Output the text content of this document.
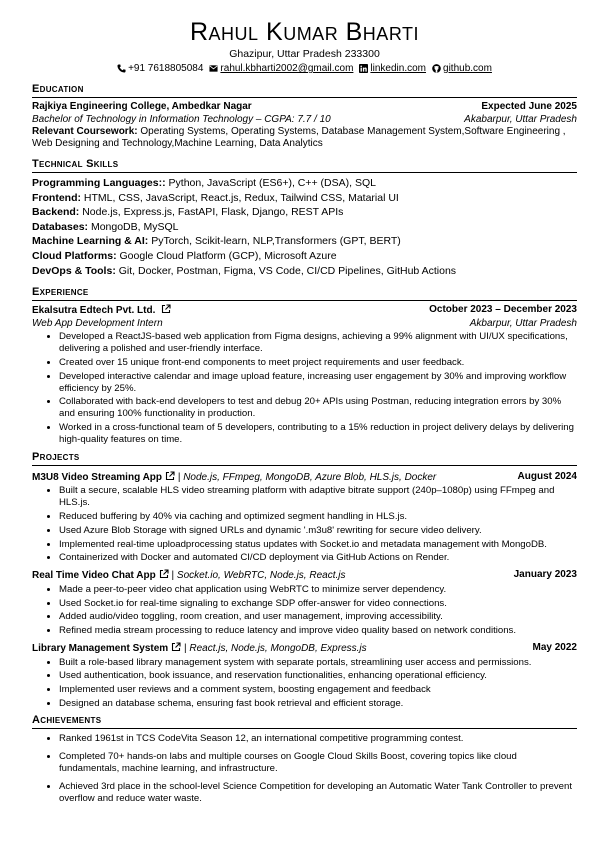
Rahul Kumar Bharti
Ghazipur, Uttar Pradesh 233300
+91 7618805084 rahul.kbharti2002@gmail.com linkedin.com github.com
Education
Rajkiya Engineering College, Ambedkar Nagar	Expected June 2025
Bachelor of Technology in Information Technology – CGPA: 7.7 / 10	Akabarpur, Uttar Pradesh
Relevant Coursework: Operating Systems, Operating Systems, Database Management System,Software Engineering , Web Designing and Technology,Machine Learning, Data Analytics
Technical Skills
Programming Languages:: Python, JavaScript (ES6+), C++ (DSA), SQL
Frontend: HTML, CSS, JavaScript, React.js, Redux, Tailwind CSS, Matarial UI
Backend: Node.js, Express.js, FastAPI, Flask, Django, REST APIs
Databases: MongoDB, MySQL
Machine Learning & AI: PyTorch, Scikit-learn, NLP,Transformers (GPT, BERT)
Cloud Platforms: Google Cloud Platform (GCP), Microsoft Azure
DevOps & Tools: Git, Docker, Postman, Figma, VS Code, CI/CD Pipelines, GitHub Actions
Experience
Ekalsutra Edtech Pvt. Ltd.	October 2023 – December 2023
Web App Development Intern	Akbarpur, Uttar Pradesh
• Developed a ReactJS-based web application from Figma designs, achieving a 99% alignment with UI/UX specifications, delivering a polished and user-friendly interface.
• Created over 15 unique front-end components to meet project requirements and user feedback.
• Developed interactive calendar and image upload feature, increasing user engagement by 30% and improving workflow efficiency by 25%.
• Collaborated with back-end developers to test and debug 20+ APIs using Postman, reducing integration errors by 30% and ensuring 100% functionality in production.
• Worked in a cross-functional team of 5 developers, contributing to a 15% reduction in project delivery delays by delivering high-quality features on time.
Projects
M3U8 Video Streaming App | Node.js, FFmpeg, MongoDB, Azure Blob, HLS.js, Docker	August 2024
• Built a secure, scalable HLS video streaming platform with adaptive bitrate support (240p–1080p) using FFmpeg and HLS.js.
• Reduced buffering by 40% via caching and optimized segment handling in HLS.js.
• Used Azure Blob Storage with signed URLs and dynamic '.m3u8' rewriting for secure video delivery.
• Implemented real-time uploadprocessing status updates with Socket.io and metadata management with MongoDB.
• Containerized with Docker and automated CI/CD deployment via GitHub Actions on Render.
Real Time Video Chat App | Socket.io, WebRTC, Node.js, React.js	January 2023
• Made a peer-to-peer video chat application using WebRTC to minimize server dependency.
• Used Socket.io for real-time signaling to exchange SDP offer-answer for video connections.
• Added audio/video toggling, room creation, and user management, improving accessibility.
• Refined media stream processing to reduce latency and improve video quality based on network conditions.
Library Management System | React.js, Node.js, MongoDB, Express.js	May 2022
• Built a role-based library management system with separate portals, streamlining user access and permissions.
• Used authentication, book issuance, and reservation functionalities, enhancing operational efficiency.
• Implemented user reviews and a comment system, boosting engagement and feedback
• Designed an database schema, ensuring fast book retrieval and efficient storage.
Achievements
• Ranked 1961st in TCS CodeVita Season 12, an international competitive programming contest.
• Completed 70+ hands-on labs and multiple courses on Google Cloud Skills Boost, covering topics like cloud fundamentals, machine learning, and infrastructure.
• Achieved 3rd place in the school-level Science Competition for developing an Automatic Water Tank Controller to prevent overflow and reduce water waste.
